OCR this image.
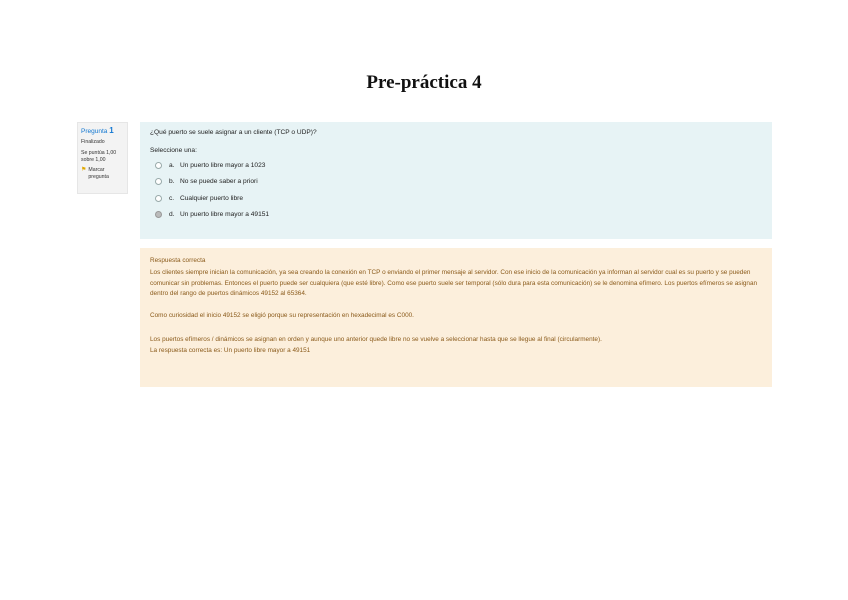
Pre-práctica 4
Pregunta 1
Finalizado
Se puntúa 1,00 sobre 1,00
⚑ Marcar pregunta
¿Qué puerto se suele asignar a un cliente (TCP o UDP)?
Seleccione una:
a. Un puerto libre mayor a 1023
b. No se puede saber a priori
c. Cualquier puerto libre
d. Un puerto libre mayor a 49151
Respuesta correcta
Los clientes siempre inician la comunicación, ya sea creando la conexión en TCP o enviando el primer mensaje al servidor. Con ese inicio de la comunicación ya informan al servidor cual es su puerto y se pueden comunicar sin problemas. Entonces el puerto puede ser cualquiera (que esté libre). Como ese puerto suele ser temporal (sólo dura para esta comunicación) se le denomina efímero. Los puertos efímeros se asignan dentro del rango de puertos dinámicos 49152 al 65364.
Como curiosidad el inicio 49152 se eligió porque su representación en hexadecimal es C000.
Los puertos efímeros / dinámicos se asignan en orden y aunque uno anterior quede libre no se vuelve a seleccionar hasta que se llegue al final (circularmente).
La respuesta correcta es: Un puerto libre mayor a 49151
